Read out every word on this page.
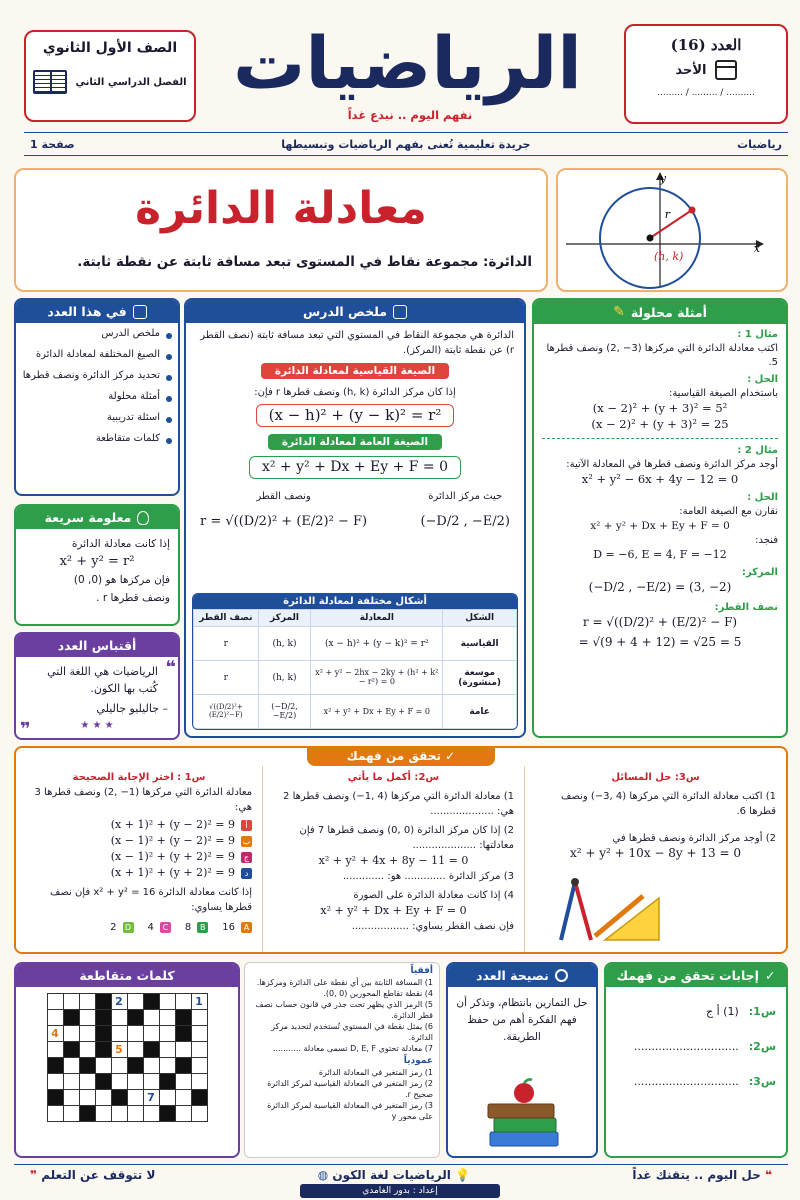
العدد (16)
الأحد
......... / ......... / ..........
الرياضيات
نفهم اليوم .. نبدع غداً
الصف الأول الثانوي
الفصل الدراسي الثاني
رياضيات
جريدة تعليمية تُعنى بفهم الرياضيات وتبسيطها
صفحة 1
x
y
r
(h, k)
معادلة الدائرة
الدائرة: مجموعة نقاط في المستوى تبعد مسافة ثابتة عن نقطة ثابتة.
في هذا العدد
ملخص الدرس
الصيغ المختلفة لمعادلة الدائرة
تحديد مركز الدائرة ونصف قطرها
أمثلة محلولة
اسئلة تدريبية
كلمات متقاطعة
معلومة سريعة
إذا كانت معادلة الدائرة
x² + y² = r²
فإن مركزها هو (0, 0)
ونصف قطرها r .
أقتباس العدد
❝
الرياضيات هي اللغة التي كُتب بها الكون.
– جاليليو جاليلي
★ ★ ★
❞
ملخص الدرس
الدائرة هي مجموعة النقاط في المستوي التي تبعد مسافة ثابتة (نصف القطر r) عن نقطة ثابتة (المركز).
الصيغة القياسية لمعادلة الدائرة
إذا كان مركز الدائرة (h, k) ونصف قطرها r فإن:
(x − h)² + (y − k)² = r²
الصيغة العامة لمعادلة الدائرة
x² + y² + Dx + Ey + F = 0
حيث مركز الدائرة
(−D/2 , −E/2)
ونصف القطر
r = √((D/2)² + (E/2)² − F)
أشكال مختلفة لمعادلة الدائرة
الشكل	المعادلة	المركز	نصف القطر
القياسية	(x − h)² + (y − k)² = r²	(h, k)	r
موسعة (منشورة)	x² + y² − 2hx − 2ky + (h² + k² − r²) = 0	(h, k)	r
عامة	x² + y² + Dx + Ey + F = 0	(−D/2, −E/2)	√((D/2)²+(E/2)²−F)
أمثلة محلولة
✎
مثال 1 :
اكتب معادلة الدائرة التي مركزها (3− ,2) ونصف قطرها 5.
الحل :
باستخدام الصيغة القياسية:
(x − 2)² + (y + 3)² = 5²
(x − 2)² + (y + 3)² = 25
مثال 2 :
أوجد مركز الدائرة ونصف قطرها في المعادلة الآتية:
x² + y² − 6x + 4y − 12 = 0
الحل :
نقارن مع الصيغة العامة:
x² + y² + Dx + Ey + F = 0
فنجد:
D = −6, E = 4, F = −12
المركز:
(−D/2 , −E/2) = (3, −2)
نصف القطر:
r = √((D/2)² + (E/2)² − F)
= √(9 + 4 + 12) = √25 = 5
✓ تحقق من فهمك
س3: حل المسائل
1) اكتب معادلة الدائرة التي مركزها (4 ,3−) ونصف قطرها 6.
2) أوجد مركز الدائرة ونصف قطرها في
x² + y² + 10x − 8y + 13 = 0
س2: أكمل ما يأتي
1) معادلة الدائرة التي مركزها (4 ,1−) ونصف قطرها 2 هي: ....................
2) إذا كان مركز الدائرة (0 ,0) ونصف قطرها 7 فإن معادلتها: ....................
x² + y² + 4x + 8y − 11 = 0
3) مركز الدائرة ............. هو: .............
4) إذا كانت معادلة الدائرة على الصورة
x² + y² + Dx + Ey + F = 0
فإن نصف القطر يساوي: ..................
س1 : اختر الإجابة الصحيحة
معادلة الدائرة التي مركزها (1− ,2) ونصف قطرها 3 هي:
أ(x + 1)² + (y − 2)² = 9
ب(x − 1)² + (y − 2)² = 9
ج(x − 1)² + (y + 2)² = 9
د(x + 1)² + (y + 2)² = 9
إذا كانت معادلة الدائرة x² + y² = 16 فإن نصف قطرها يساوي:
A16
B8
C4
D2
كلمات متقاطعة
				2					1

4									
				5					

						7			

أفقياً
1) المسافة الثابتة بين أي نقطة على الدائرة ومركزها.
4) نقطة تقاطع المحورين (0 ,0).
5) الرمز الذي يظهر تحت جذر في قانون حساب نصف قطر الدائرة.
6) يمثل نقطة في المستوي تُستخدم لتحديد مركز الدائرة.
7) معادلة تحتوي D, E, F تسمى معادلة ...........
عمودياً
1) رمز المتغير في المعادلة الدائرة
2) رمز المتغير في المعادلة القياسية لمركز الدائرة صحيح r.
3) رمز المتغير في المعادلة القياسية لمركز الدائرة على محور y
نصيحة العدد
حل التمارين بانتظام، وتذكر أن فهم الفكرة أهم من حفظ الطريقة.
✓
إجابات تحقق من فهمك
س1:
(1) أ ج
س2:
..............................
س3:
..............................
❝ حل اليوم .. يتقنك غداً
💡 الرياضيات لغة الكون ◍
لا تتوقف عن التعلم ❞
إعداد : بدور الغامدي
